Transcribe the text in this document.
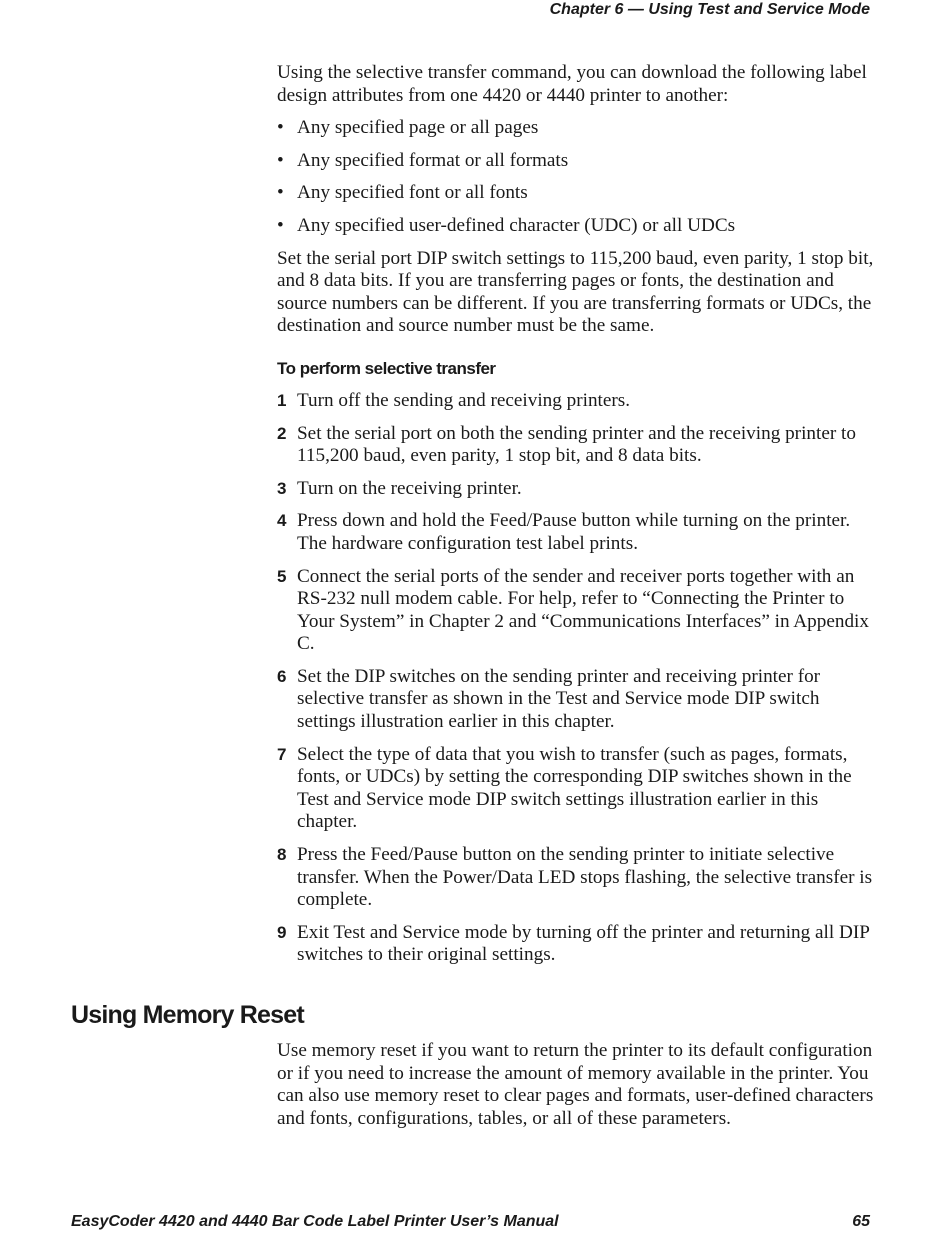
Chapter 6 — Using Test and Service Mode

Using the selective transfer command, you can download the following label design attributes from one 4420 or 4440 printer to another:

• Any specified page or all pages
• Any specified format or all formats
• Any specified font or all fonts
• Any specified user-defined character (UDC) or all UDCs

Set the serial port DIP switch settings to 115,200 baud, even parity, 1 stop bit, and 8 data bits. If you are transferring pages or fonts, the destination and source numbers can be different. If you are transferring formats or UDCs, the destination and source number must be the same.

To perform selective transfer
1 Turn off the sending and receiving printers.
2 Set the serial port on both the sending printer and the receiving printer to 115,200 baud, even parity, 1 stop bit, and 8 data bits.
3 Turn on the receiving printer.
4 Press down and hold the Feed/Pause button while turning on the printer. The hardware configuration test label prints.
5 Connect the serial ports of the sender and receiver ports together with an RS-232 null modem cable. For help, refer to “Connecting the Printer to Your System” in Chapter 2 and “Communications Interfaces” in Appendix C.
6 Set the DIP switches on the sending printer and receiving printer for selective transfer as shown in the Test and Service mode DIP switch settings illustration earlier in this chapter.
7 Select the type of data that you wish to transfer (such as pages, formats, fonts, or UDCs) by setting the corresponding DIP switches shown in the Test and Service mode DIP switch settings illustration earlier in this chapter.
8 Press the Feed/Pause button on the sending printer to initiate selective transfer. When the Power/Data LED stops flashing, the selective transfer is complete.
9 Exit Test and Service mode by turning off the printer and returning all DIP switches to their original settings.
Using Memory Reset

Use memory reset if you want to return the printer to its default configuration or if you need to increase the amount of memory available in the printer. You can also use memory reset to clear pages and formats, user-defined characters and fonts, configurations, tables, or all of these parameters.

EasyCoder 4420 and 4440 Bar Code Label Printer User’s Manual	65
